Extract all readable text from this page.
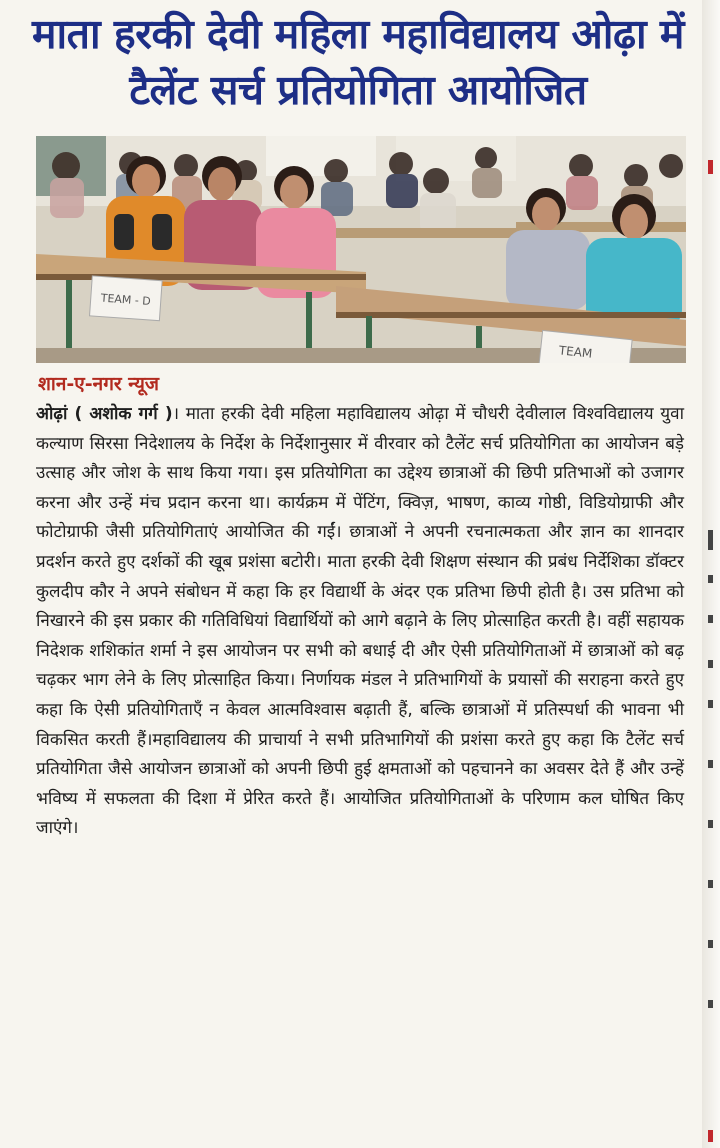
माता हरकी देवी महिला महाविद्यालय ओढ़ा में
टैलेंट सर्च प्रतियोगिता आयोजित
TEAM - D
TEAM
शान-ए-नगर न्यूज
ओढ़ां ( अशोक गर्ग )। माता हरकी देवी महिला महाविद्यालय ओढ़ा में चौधरी देवीलाल विश्वविद्यालय युवा कल्याण सिरसा निदेशालय के निर्देश के निर्देशानुसार में वीरवार को टैलेंट सर्च प्रतियोगिता का आयोजन बड़े उत्साह और जोश के साथ किया गया। इस प्रतियोगिता का उद्देश्य छात्राओं की छिपी प्रतिभाओं को उजागर करना और उन्हें मंच प्रदान करना था। कार्यक्रम में पेंटिंग, क्विज़, भाषण, काव्य गोष्ठी, विडियोग्राफी और फोटोग्राफी जैसी प्रतियोगिताएं आयोजित की गईं। छात्राओं ने अपनी रचनात्मकता और ज्ञान का शानदार प्रदर्शन करते हुए दर्शकों की खूब प्रशंसा बटोरी। माता हरकी देवी शिक्षण संस्थान की प्रबंध निर्देशिका डॉक्टर कुलदीप कौर ने अपने संबोधन में कहा कि हर विद्यार्थी के अंदर एक प्रतिभा छिपी होती है। उस प्रतिभा को निखारने की इस प्रकार की गतिविधियां विद्यार्थियों को आगे बढ़ाने के लिए प्रोत्साहित करती है। वहीं सहायक निदेशक शशिकांत शर्मा ने इस आयोजन पर सभी को बधाई दी और ऐसी प्रतियोगिताओं में छात्राओं को बढ़ चढ़कर भाग लेने के लिए प्रोत्साहित किया। निर्णायक मंडल ने प्रतिभागियों के प्रयासों की सराहना करते हुए कहा कि ऐसी प्रतियोगिताएँ न केवल आत्मविश्वास बढ़ाती हैं, बल्कि छात्राओं में प्रतिस्पर्धा की भावना भी विकसित करती हैं।महाविद्यालय की प्राचार्या ने सभी प्रतिभागियों की प्रशंसा करते हुए कहा कि टैलेंट सर्च प्रतियोगिता जैसे आयोजन छात्राओं को अपनी छिपी हुई क्षमताओं को पहचानने का अवसर देते हैं और उन्हें भविष्य में सफलता की दिशा में प्रेरित करते हैं। आयोजित प्रतियोगिताओं के परिणाम कल घोषित किए जाएंगे।
